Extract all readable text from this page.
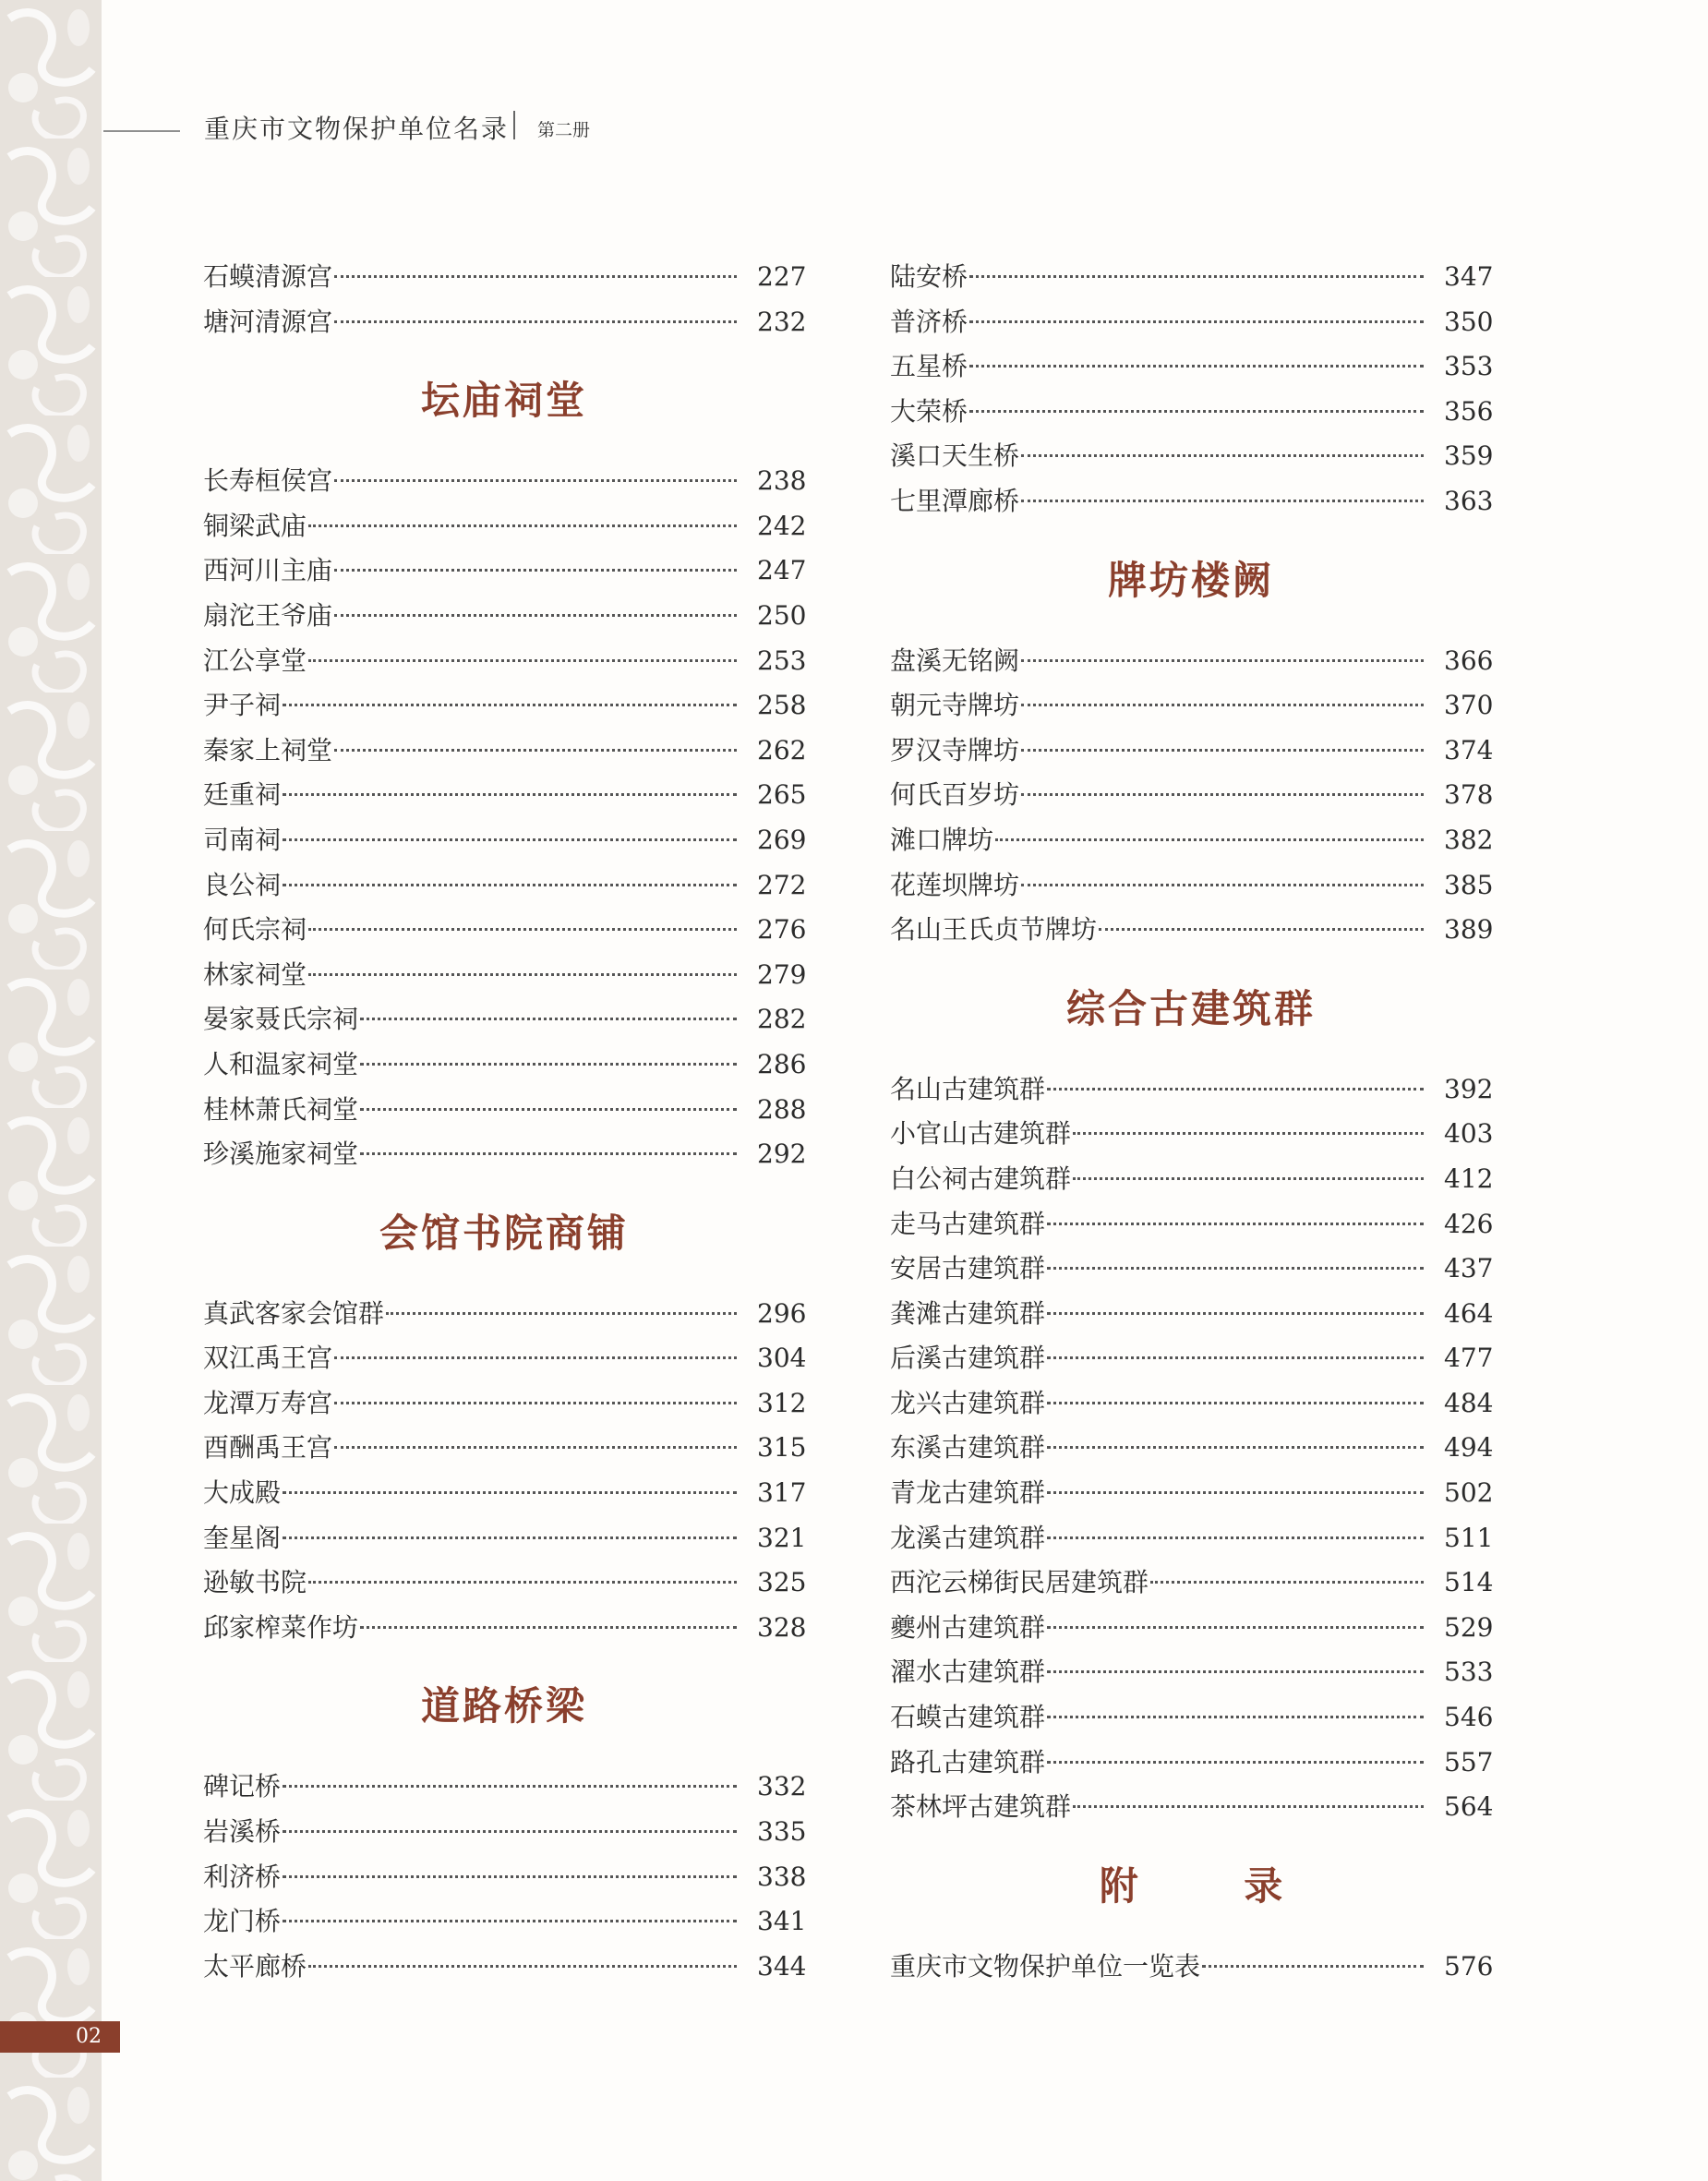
02
重庆市文物保护单位名录 第二册
石蟆清源宫	227
塘河清源宫	232
坛庙祠堂
长寿桓侯宫	238
铜梁武庙	242
西河川主庙	247
扇沱王爷庙	250
江公享堂	253
尹子祠	258
秦家上祠堂	262
廷重祠	265
司南祠	269
良公祠	272
何氏宗祠	276
林家祠堂	279
晏家聂氏宗祠	282
人和温家祠堂	286
桂林萧氏祠堂	288
珍溪施家祠堂	292
会馆书院商铺
真武客家会馆群	296
双江禹王宫	304
龙潭万寿宫	312
酉酬禹王宫	315
大成殿	317
奎星阁	321
逊敏书院	325
邱家榨菜作坊	328
道路桥梁
碑记桥	332
岩溪桥	335
利济桥	338
龙门桥	341
太平廊桥	344
陆安桥	347
普济桥	350
五星桥	353
大荣桥	356
溪口天生桥	359
七里潭廊桥	363
牌坊楼阙
盘溪无铭阙	366
朝元寺牌坊	370
罗汉寺牌坊	374
何氏百岁坊	378
滩口牌坊	382
花莲坝牌坊	385
名山王氏贞节牌坊	389
综合古建筑群
名山古建筑群	392
小官山古建筑群	403
白公祠古建筑群	412
走马古建筑群	426
安居古建筑群	437
龚滩古建筑群	464
后溪古建筑群	477
龙兴古建筑群	484
东溪古建筑群	494
青龙古建筑群	502
龙溪古建筑群	511
西沱云梯街民居建筑群	514
夔州古建筑群	529
濯水古建筑群	533
石蟆古建筑群	546
路孔古建筑群	557
茶林坪古建筑群	564
附 录
重庆市文物保护单位一览表	576
